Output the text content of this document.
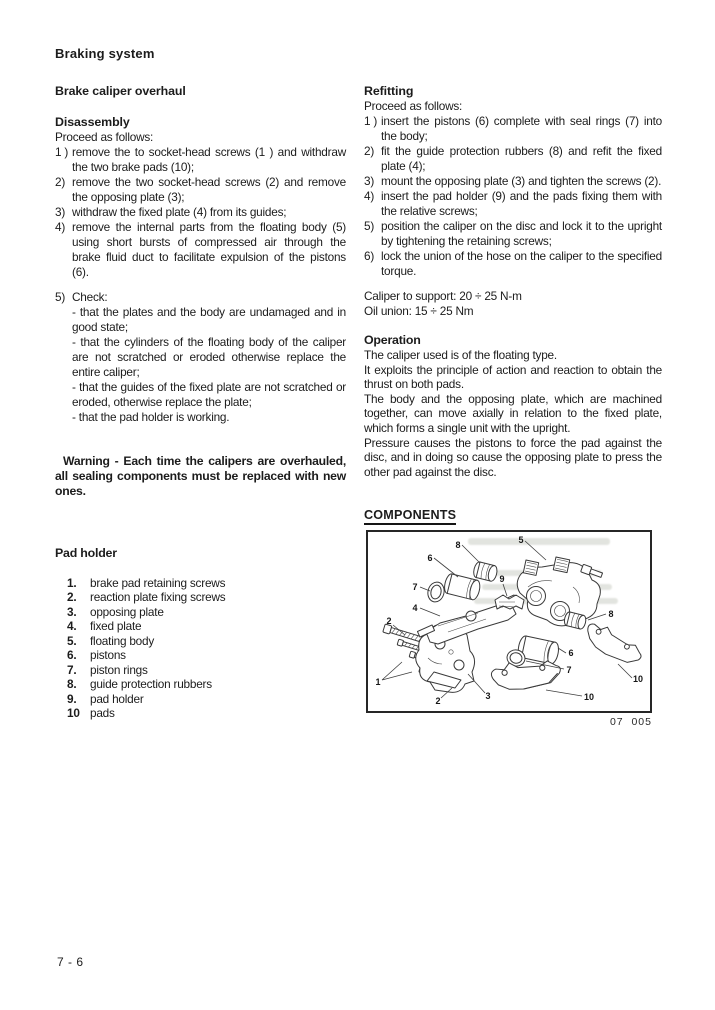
Braking system
Brake caliper overhaul
Disassembly
Proceed as follows:
1 ) remove the to socket-head screws (1 ) and withdraw the two brake pads (10);
2) remove the two socket-head screws (2) and remove the opposing plate (3);
3) withdraw the fixed plate (4) from its guides;
4) remove the internal parts from the floating body (5) using short bursts of compressed air through the brake fluid duct to facilitate expulsion of the pistons (6).
5) Check:
- that the plates and the body are undamaged and in good state;
- that the cylinders of the floating body of the caliper are not scratched or eroded otherwise replace the entire caliper;
- that the guides of the fixed plate are not scratched or eroded, otherwise replace the plate;
- that the pad holder is working.
Warning - Each time the calipers are overhauled, all sealing components must be replaced with new ones.
Pad holder
1.	brake pad retaining screws
2.	reaction plate fixing screws
3.	opposing plate
4.	fixed plate
5.	floating body
6.	pistons
7.	piston rings
8.	guide protection rubbers
9.	pad holder
10 pads
Refitting
Proceed as follows:
1 ) insert the pistons (6) complete with seal rings (7) into the body;
2) fit the guide protection rubbers (8) and refit the fixed plate (4);
3) mount the opposing plate (3) and tighten the screws (2).
4) insert the pad holder (9) and the pads fixing them with the relative screws;
5) position the caliper on the disc and lock it to the upright by tightening the retaining screws;
6) lock the union of the hose on the caliper to the specified torque.
Caliper to support: 20 ÷ 25 N-m
Oil union: 15 ÷ 25 Nm
Operation

The caliper used is of the floating type.

It exploits the principle of action and reaction to obtain the thrust on both pads.

The body and the opposing plate, which are machined together, can move axially in relation to the fixed plate, which forms a single unit with the upright.

Pressure causes the pistons to force the pad against the disc, and in doing so cause the opposing plate to press the other pad against the disc.

COMPONENTS
5
8
6
7
9
4
8
2
6
7
1
2	3	10
10
07  005
7 - 6
